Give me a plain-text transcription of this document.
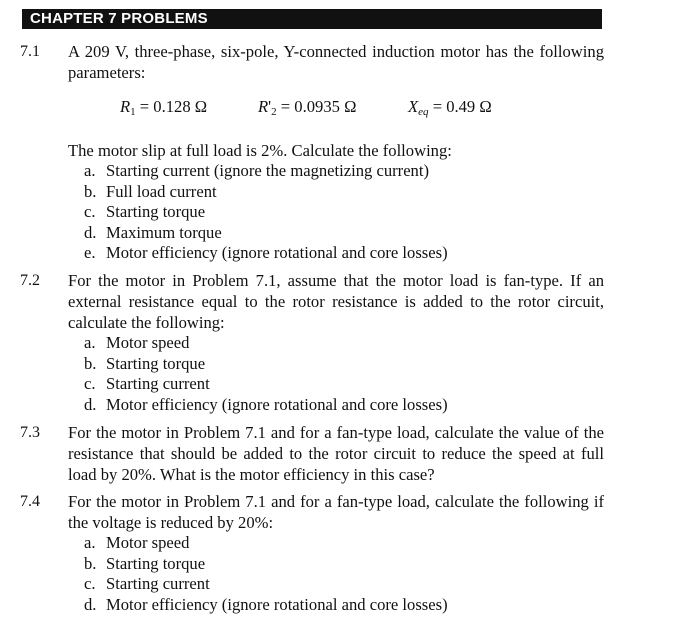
CHAPTER 7 PROBLEMS
7.1 A 209 V, three-phase, six-pole, Y-connected induction motor has the following parameters:

$R_1 = 0.128$ Ω	$R'_2 = 0.0935$ Ω	$X_{eq} = 0.49$ Ω

The motor slip at full load is 2%. Calculate the following:

a. Starting current (ignore the magnetizing current)
b. Full load current
c. Starting torque
d. Maximum torque
e. Motor efficiency (ignore rotational and core losses)
7.2 For the motor in Problem 7.1, assume that the motor load is fan-type. If an external resistance equal to the rotor resistance is added to the rotor circuit, calculate the following:

a. Motor speed
b. Starting torque
c. Starting current
d. Motor efficiency (ignore rotational and core losses)
7.3 For the motor in Problem 7.1 and for a fan-type load, calculate the value of the resistance that should be added to the rotor circuit to reduce the speed at full load by 20%. What is the motor efficiency in this case?

7.4 For the motor in Problem 7.1 and for a fan-type load, calculate the following if the voltage is reduced by 20%:

a. Motor speed
b. Starting torque
c. Starting current
d. Motor efficiency (ignore rotational and core losses)
